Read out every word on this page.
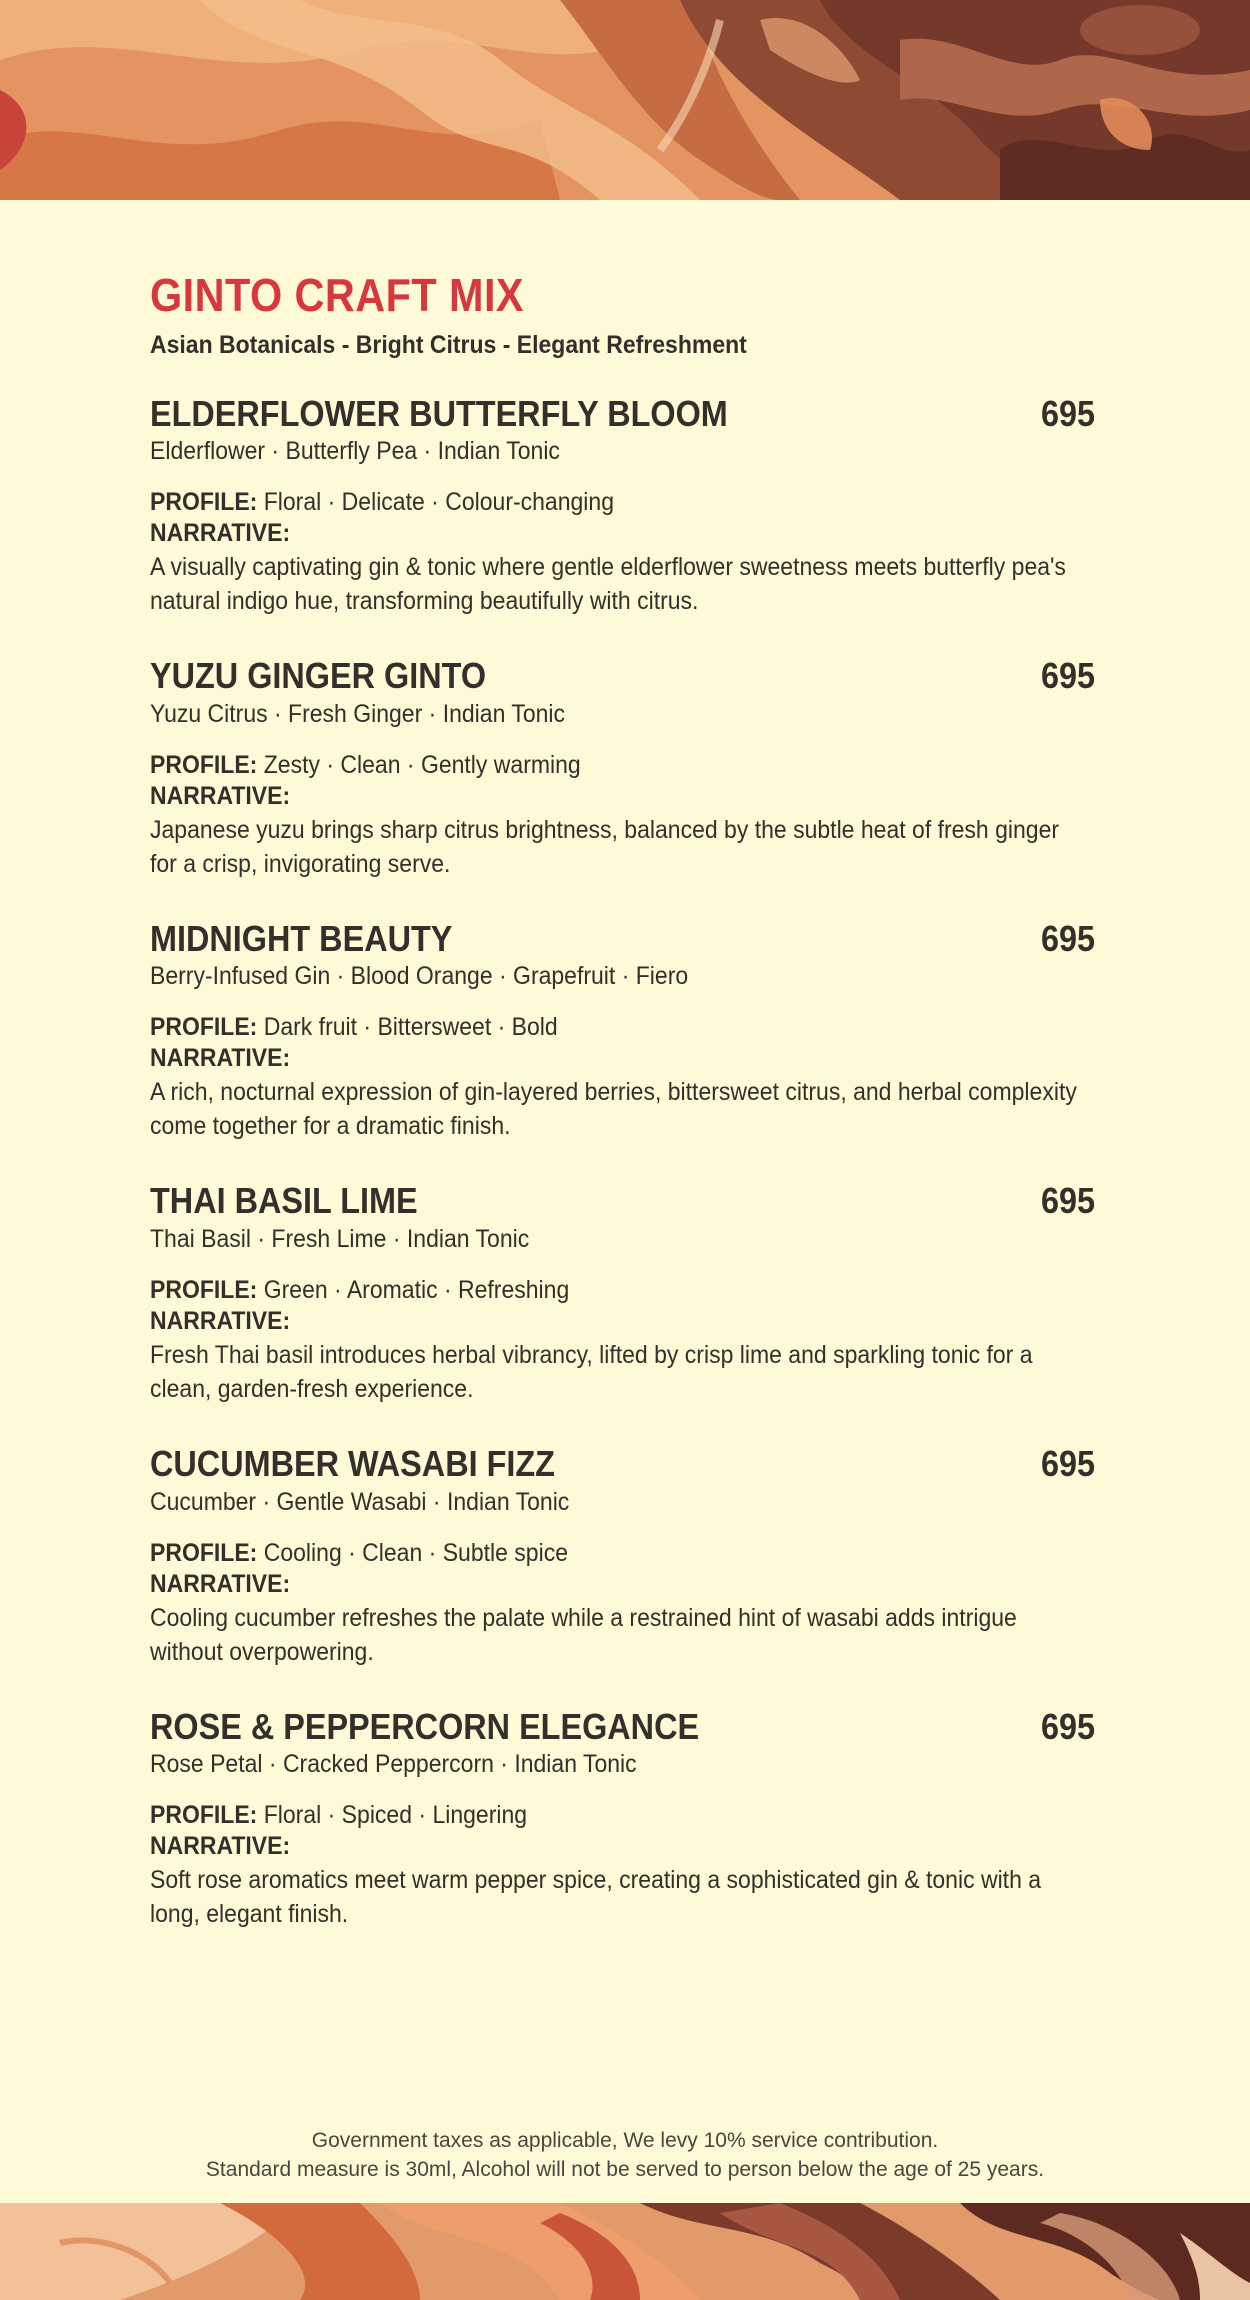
GINTO CRAFT MIX
Asian Botanicals - Bright Citrus - Elegant Refreshment
ELDERFLOWER BUTTERFLY BLOOM	695
Elderflower · Butterfly Pea · Indian Tonic
PROFILE: Floral · Delicate · Colour-changing
NARRATIVE:
A visually captivating gin & tonic where gentle elderflower sweetness meets butterfly pea's natural indigo hue, transforming beautifully with citrus.
YUZU GINGER GINTO	695
Yuzu Citrus · Fresh Ginger · Indian Tonic
PROFILE: Zesty · Clean · Gently warming
NARRATIVE:
Japanese yuzu brings sharp citrus brightness, balanced by the subtle heat of fresh ginger for a crisp, invigorating serve.
MIDNIGHT BEAUTY	695
Berry-Infused Gin · Blood Orange · Grapefruit · Fiero
PROFILE: Dark fruit · Bittersweet · Bold
NARRATIVE:
A rich, nocturnal expression of gin-layered berries, bittersweet citrus, and herbal complexity come together for a dramatic finish.
THAI BASIL LIME	695
Thai Basil · Fresh Lime · Indian Tonic
PROFILE: Green · Aromatic · Refreshing
NARRATIVE:
Fresh Thai basil introduces herbal vibrancy, lifted by crisp lime and sparkling tonic for a clean, garden-fresh experience.
CUCUMBER WASABI FIZZ	695
Cucumber · Gentle Wasabi · Indian Tonic
PROFILE: Cooling · Clean · Subtle spice
NARRATIVE:
Cooling cucumber refreshes the palate while a restrained hint of wasabi adds intrigue without overpowering.
ROSE & PEPPERCORN ELEGANCE	695
Rose Petal · Cracked Peppercorn · Indian Tonic
PROFILE: Floral · Spiced · Lingering
NARRATIVE:
Soft rose aromatics meet warm pepper spice, creating a sophisticated gin & tonic with a long, elegant finish.
Government taxes as applicable, We levy 10% service contribution.
Standard measure is 30ml, Alcohol will not be served to person below the age of 25 years.
